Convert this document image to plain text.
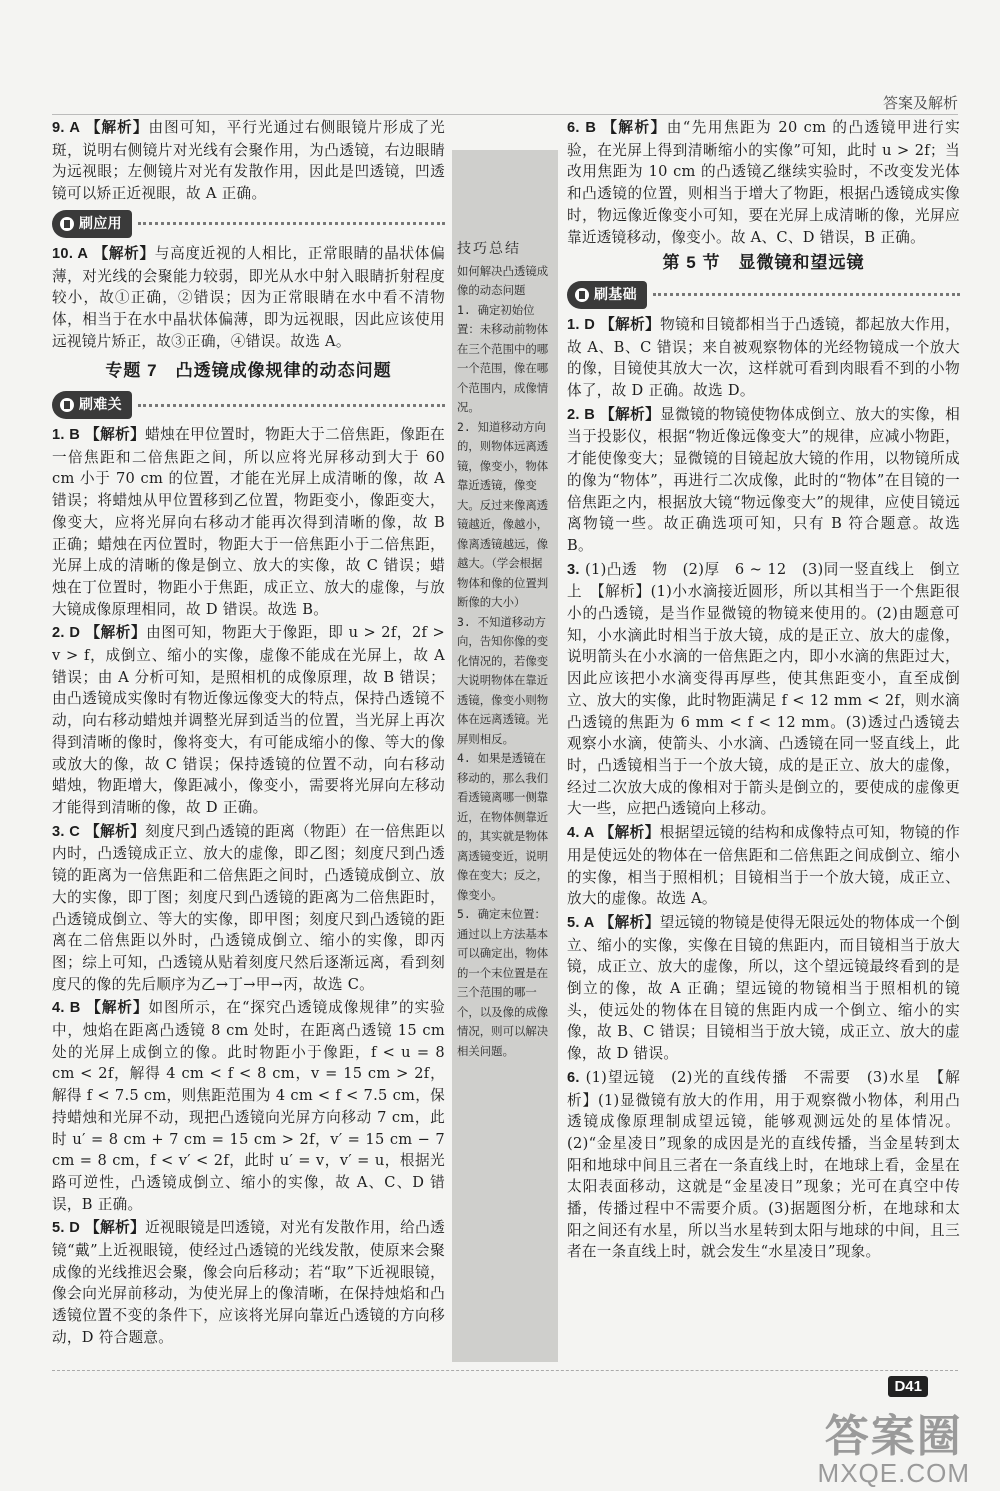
答案及解析

9. A 【解析】由图可知，平行光通过右侧眼镜片形成了光斑，说明右侧镜片对光线有会聚作用，为凸透镜，右边眼睛为远视眼；左侧镜片对光有发散作用，因此是凹透镜，凹透镜可以矫正近视眼，故 A 正确。

刷应用

10. A 【解析】与高度近视的人相比，正常眼睛的晶状体偏薄，对光线的会聚能力较弱，即光从水中射入眼睛折射程度较小，故①正确，②错误；因为正常眼睛在水中看不清物体，相当于在水中晶状体偏薄，即为远视眼，因此应该使用远视镜片矫正，故③正确，④错误。故选 A。

专题 7　凸透镜成像规律的动态问题
刷难关

1. B 【解析】蜡烛在甲位置时，物距大于二倍焦距，像距在一倍焦距和二倍焦距之间，所以应将光屏移动到大于 60 cm 小于 70 cm 的位置，才能在光屏上成清晰的像，故 A 错误；将蜡烛从甲位置移到乙位置，物距变小，像距变大，像变大，应将光屏向右移动才能再次得到清晰的像，故 B 正确；蜡烛在丙位置时，物距大于一倍焦距小于二倍焦距，光屏上成的清晰的像是倒立、放大的实像，故 C 错误；蜡烛在丁位置时，物距小于焦距，成正立、放大的虚像，与放大镜成像原理相同，故 D 错误。故选 B。

2. D 【解析】由图可知，物距大于像距，即 u > 2f，2f > v > f，成倒立、缩小的实像，虚像不能成在光屏上，故 A 错误；由 A 分析可知，是照相机的成像原理，故 B 错误；由凸透镜成实像时有物近像远像变大的特点，保持凸透镜不动，向右移动蜡烛并调整光屏到适当的位置，当光屏上再次得到清晰的像时，像将变大，有可能成缩小的像、等大的像或放大的像，故 C 错误；保持透镜的位置不动，向右移动蜡烛，物距增大，像距减小，像变小，需要将光屏向左移动才能得到清晰的像，故 D 正确。

3. C 【解析】刻度尺到凸透镜的距离（物距）在一倍焦距以内时，凸透镜成正立、放大的虚像，即乙图；刻度尺到凸透镜的距离为一倍焦距和二倍焦距之间时，凸透镜成倒立、放大的实像，即丁图；刻度尺到凸透镜的距离为二倍焦距时，凸透镜成倒立、等大的实像，即甲图；刻度尺到凸透镜的距离在二倍焦距以外时，凸透镜成倒立、缩小的实像，即丙图；综上可知，凸透镜从贴着刻度尺然后逐渐远离，看到刻度尺的像的先后顺序为乙→丁→甲→丙，故选 C。

4. B 【解析】如图所示，在“探究凸透镜成像规律”的实验中，烛焰在距离凸透镜 8 cm 处时，在距离凸透镜 15 cm 处的光屏上成倒立的像。此时物距小于像距，f < u = 8 cm < 2f，解得 4 cm < f < 8 cm，v = 15 cm > 2f，解得 f < 7.5 cm，则焦距范围为 4 cm < f < 7.5 cm，保持蜡烛和光屏不动，现把凸透镜向光屏方向移动 7 cm，此时 u′ = 8 cm + 7 cm = 15 cm > 2f，v′ = 15 cm − 7 cm = 8 cm，f < v′ < 2f，此时 u′ = v，v′ = u，根据光路可逆性，凸透镜成倒立、缩小的实像，故 A、C、D 错误，B 正确。

5. D 【解析】近视眼镜是凹透镜，对光有发散作用，给凸透镜“戴”上近视眼镜，使经过凸透镜的光线发散，使原来会聚成像的光线推迟会聚，像会向后移动；若“取”下近视眼镜，像会向光屏前移动，为使光屏上的像清晰，在保持烛焰和凸透镜位置不变的条件下，应该将光屏向靠近凸透镜的方向移动，D 符合题意。

技巧总结
如何解决凸透镜成像的动态问题
1. 确定初始位置：未移动前物体在三个范围中的哪一个范围，像在哪个范围内，成像情况。
2. 知道移动方向的，则物体远离透镜，像变小，物体靠近透镜，像变大。反过来像离透镜越近，像越小，像离透镜越远，像越大。（学会根据物体和像的位置判断像的大小）
3. 不知道移动方向，告知你像的变化情况的，若像变大说明物体在靠近透镜，像变小则物体在远离透镜。光屏则相反。
4. 如果是透镜在移动的，那么我们看透镜离哪一侧靠近，在物体侧靠近的，其实就是物体离透镜变近，说明像在变大；反之，像变小。
5. 确定末位置：通过以上方法基本可以确定出，物体的一个末位置是在三个范围的哪一个，以及像的成像情况，则可以解决相关问题。

6. B 【解析】由“先用焦距为 20 cm 的凸透镜甲进行实验，在光屏上得到清晰缩小的实像”可知，此时 u > 2f；当改用焦距为 10 cm 的凸透镜乙继续实验时，不改变发光体和凸透镜的位置，则相当于增大了物距，根据凸透镜成实像时，物远像近像变小可知，要在光屏上成清晰的像，光屏应靠近透镜移动，像变小。故 A、C、D 错误，B 正确。

第 5 节　显微镜和望远镜
刷基础

1. D 【解析】物镜和目镜都相当于凸透镜，都起放大作用，故 A、B、C 错误；来自被观察物体的光经物镜成一个放大的像，目镜使其放大一次，这样就可看到肉眼看不到的小物体了，故 D 正确。故选 D。

2. B 【解析】显微镜的物镜使物体成倒立、放大的实像，相当于投影仪，根据“物近像远像变大”的规律，应减小物距，才能使像变大；显微镜的目镜起放大镜的作用，以物镜所成的像为“物体”，再进行二次成像，此时的“物体”在目镜的一倍焦距之内，根据放大镜“物远像变大”的规律，应使目镜远离物镜一些。故正确选项可知，只有 B 符合题意。故选 B。

3. (1)凸透　物　(2)厚　6 ~ 12　(3)同一竖直线上　倒立　上　【解析】(1)小水滴接近圆形，所以其相当于一个焦距很小的凸透镜，是当作显微镜的物镜来使用的。(2)由题意可知，小水滴此时相当于放大镜，成的是正立、放大的虚像，说明箭头在小水滴的一倍焦距之内，即小水滴的焦距过大，因此应该把小水滴变得再厚些，使其焦距变小，直至成倒立、放大的实像，此时物距满足 f < 12 mm < 2f，则水滴凸透镜的焦距为 6 mm < f < 12 mm。(3)透过凸透镜去观察小水滴，使箭头、小水滴、凸透镜在同一竖直线上，此时，凸透镜相当于一个放大镜，成的是正立、放大的虚像，经过二次放大成的像相对于箭头是倒立的，要使成的虚像更大一些，应把凸透镜向上移动。

4. A 【解析】根据望远镜的结构和成像特点可知，物镜的作用是使远处的物体在一倍焦距和二倍焦距之间成倒立、缩小的实像，相当于照相机；目镜相当于一个放大镜，成正立、放大的虚像。故选 A。

5. A 【解析】望远镜的物镜是使得无限远处的物体成一个倒立、缩小的实像，实像在目镜的焦距内，而目镜相当于放大镜，成正立、放大的虚像，所以，这个望远镜最终看到的是倒立的像，故 A 正确；望远镜的物镜相当于照相机的镜头，使远处的物体在目镜的焦距内成一个倒立、缩小的实像，故 B、C 错误；目镜相当于放大镜，成正立、放大的虚像，故 D 错误。

6. (1)望远镜　(2)光的直线传播　不需要　(3)水星　【解析】(1)显微镜有放大的作用，用于观察微小物体，利用凸透镜成像原理制成望远镜，能够观测远处的星体情况。(2)“金星凌日”现象的成因是光的直线传播，当金星转到太阳和地球中间且三者在一条直线上时，在地球上看，金星在太阳表面移动，这就是“金星凌日”现象；光可在真空中传播，传播过程中不需要介质。(3)据题图分析，在地球和太阳之间还有水星，所以当水星转到太阳与地球的中间，且三者在一条直线上时，就会发生“水星凌日”现象。

D41
答案圈
MXQE.COM
